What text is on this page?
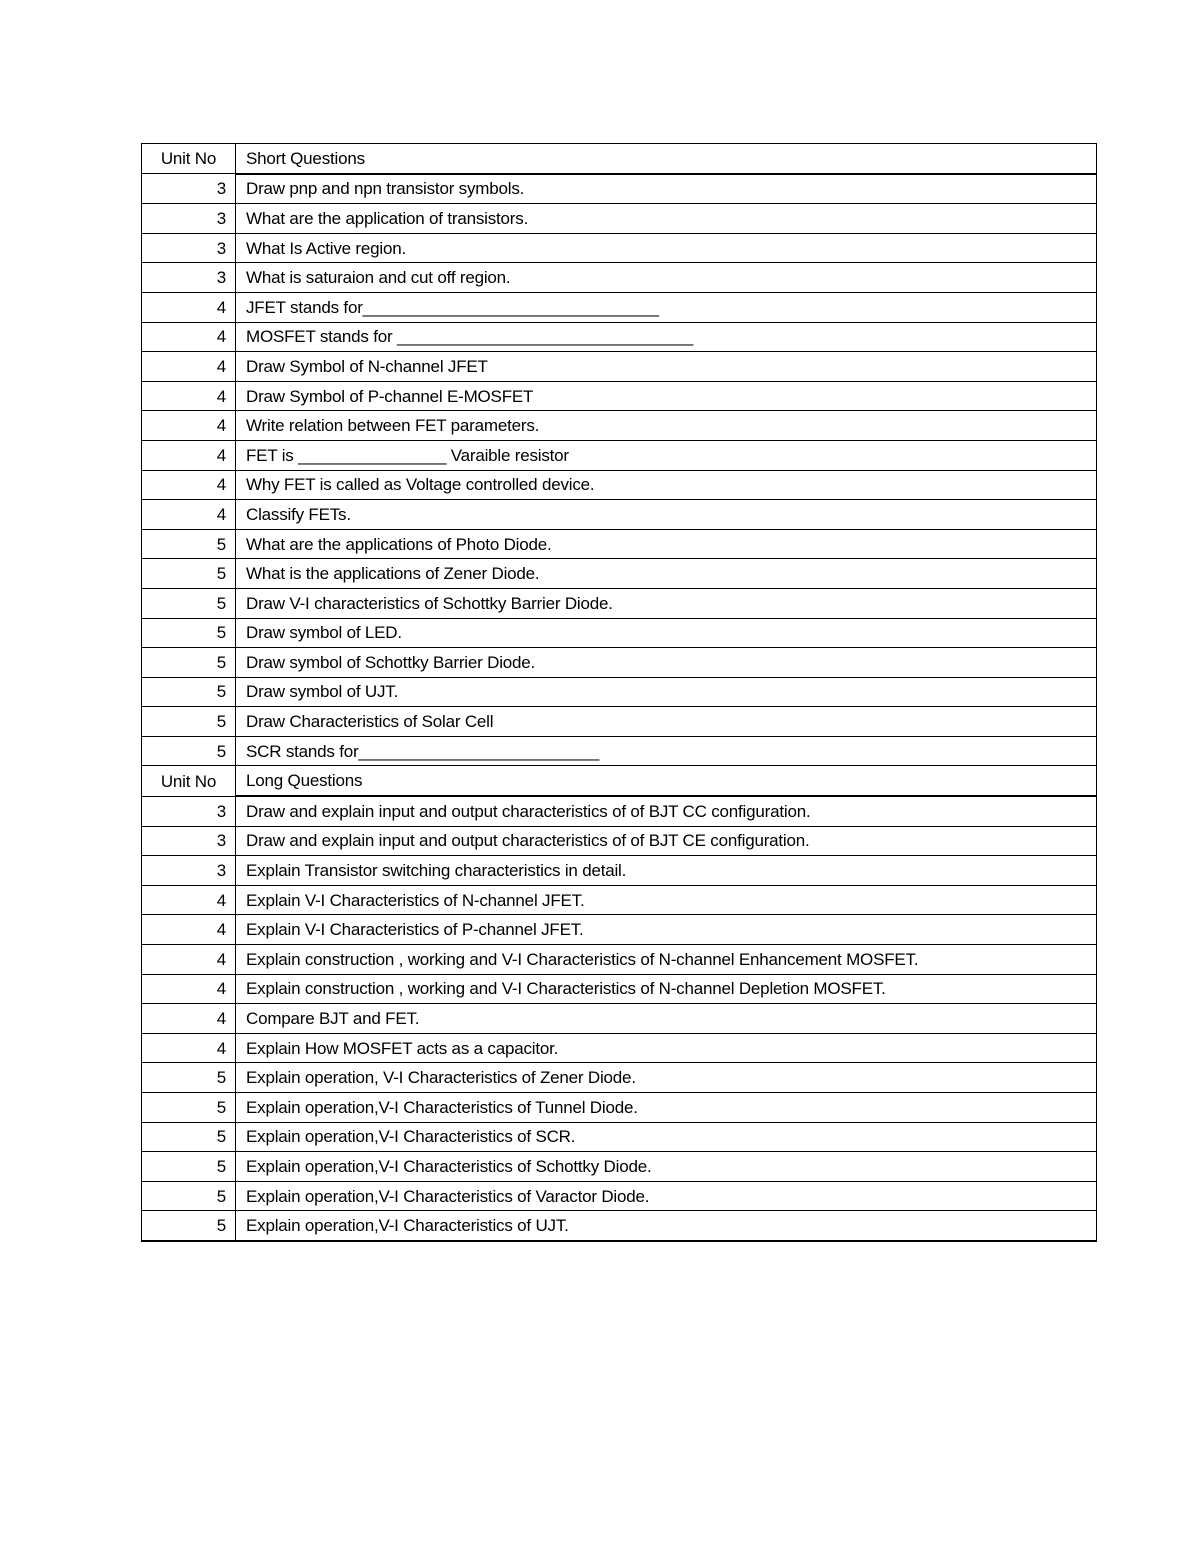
Unit No	Short Questions
3	Draw pnp and npn transistor symbols.
3	What are the application of transistors.
3	What Is Active region.
3	What is saturaion and cut off region.
4	JFET stands for________________________________
4	MOSFET stands for ________________________________
4	Draw Symbol of N-channel JFET
4	Draw Symbol of P-channel E-MOSFET
4	Write relation between FET parameters.
4	FET is ________________ Varaible resistor
4	Why FET is called as Voltage controlled device.
4	Classify FETs.
5	What are the applications of Photo Diode.
5	What is the applications of Zener Diode.
5	Draw V-I characteristics of Schottky Barrier Diode.
5	Draw symbol of LED.
5	Draw symbol of Schottky Barrier Diode.
5	Draw symbol of UJT.
5	Draw Characteristics of Solar Cell
5	SCR stands for__________________________
Unit No	Long Questions
3	Draw and explain input and output characteristics of of BJT CC configuration.
3	Draw and explain input and output characteristics of of BJT CE configuration.
3	Explain Transistor switching characteristics in detail.
4	Explain V-I Characteristics of N-channel JFET.
4	Explain V-I Characteristics of P-channel JFET.
4	Explain construction , working and V-I Characteristics of N-channel Enhancement MOSFET.
4	Explain construction , working and V-I Characteristics of N-channel Depletion MOSFET.
4	Compare BJT and FET.
4	Explain How MOSFET acts as a capacitor.
5	Explain operation, V-I Characteristics of Zener Diode.
5	Explain operation,V-I Characteristics of Tunnel Diode.
5	Explain operation,V-I Characteristics of SCR.
5	Explain operation,V-I Characteristics of Schottky Diode.
5	Explain operation,V-I Characteristics of Varactor Diode.
5	Explain operation,V-I Characteristics of UJT.
